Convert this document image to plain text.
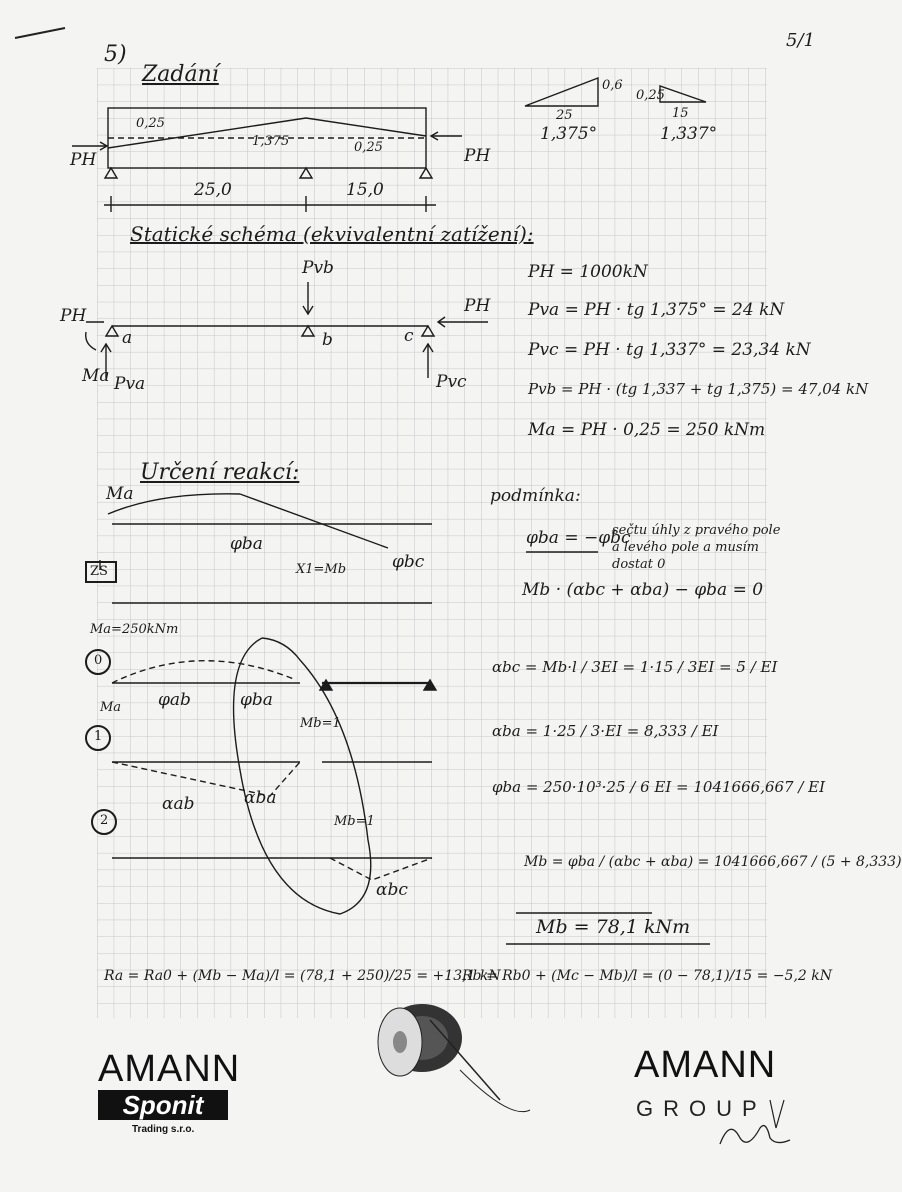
5/1
5)
Zadání
PH	PH
25,0	15,0
0,25
1,375	0,25
0,6
25
1,375°
0,25
15
1,337°
Statické schéma (ekvivalentní zatížení):
Pvb
PH	PH
a	b	c
Ma Pva	Pvc
PH = 1000kN
Pva = PH · tg 1,375° = 24 kN
Pvc = PH · tg 1,337° = 23,34 kN
Pvb = PH · (tg 1,337 + tg 1,375) = 47,04 kN
Ma = PH · 0,25 = 250 kNm
Určení reakcí:
Ma
φba
φbc
ZS	X1=Mb
Ma=250kNm
0
φab	φba
Ma
1
Mb=1
αab	αba
2	Mb=1
αbc
podmínka:
φba = −φbc
sečtu úhly z pravého pole a levého pole a musím dostat 0
Mb · (αbc + αba) − φba = 0
αbc = Mb·l / 3EI = 1·15 / 3EI = 5 / EI
αba = 1·25 / 3·EI = 8,333 / EI
φba = 250·10³·25 / 6 EI = 1041666,667 / EI
Mb = φba / (αbc + αba) = 1041666,667 / (5 + 8,333)
Mb = 78,1 kNm
Ra = Ra0 + (Mb − Ma)/l = (78,1 + 250)/25 = +13,1 kN
Rb = Rb0 + (Mc − Mb)/l = (0 − 78,1)/15 = −5,2 kN
AMANN
Sponit
Trading s.r.o.
AMANN
GROUP
